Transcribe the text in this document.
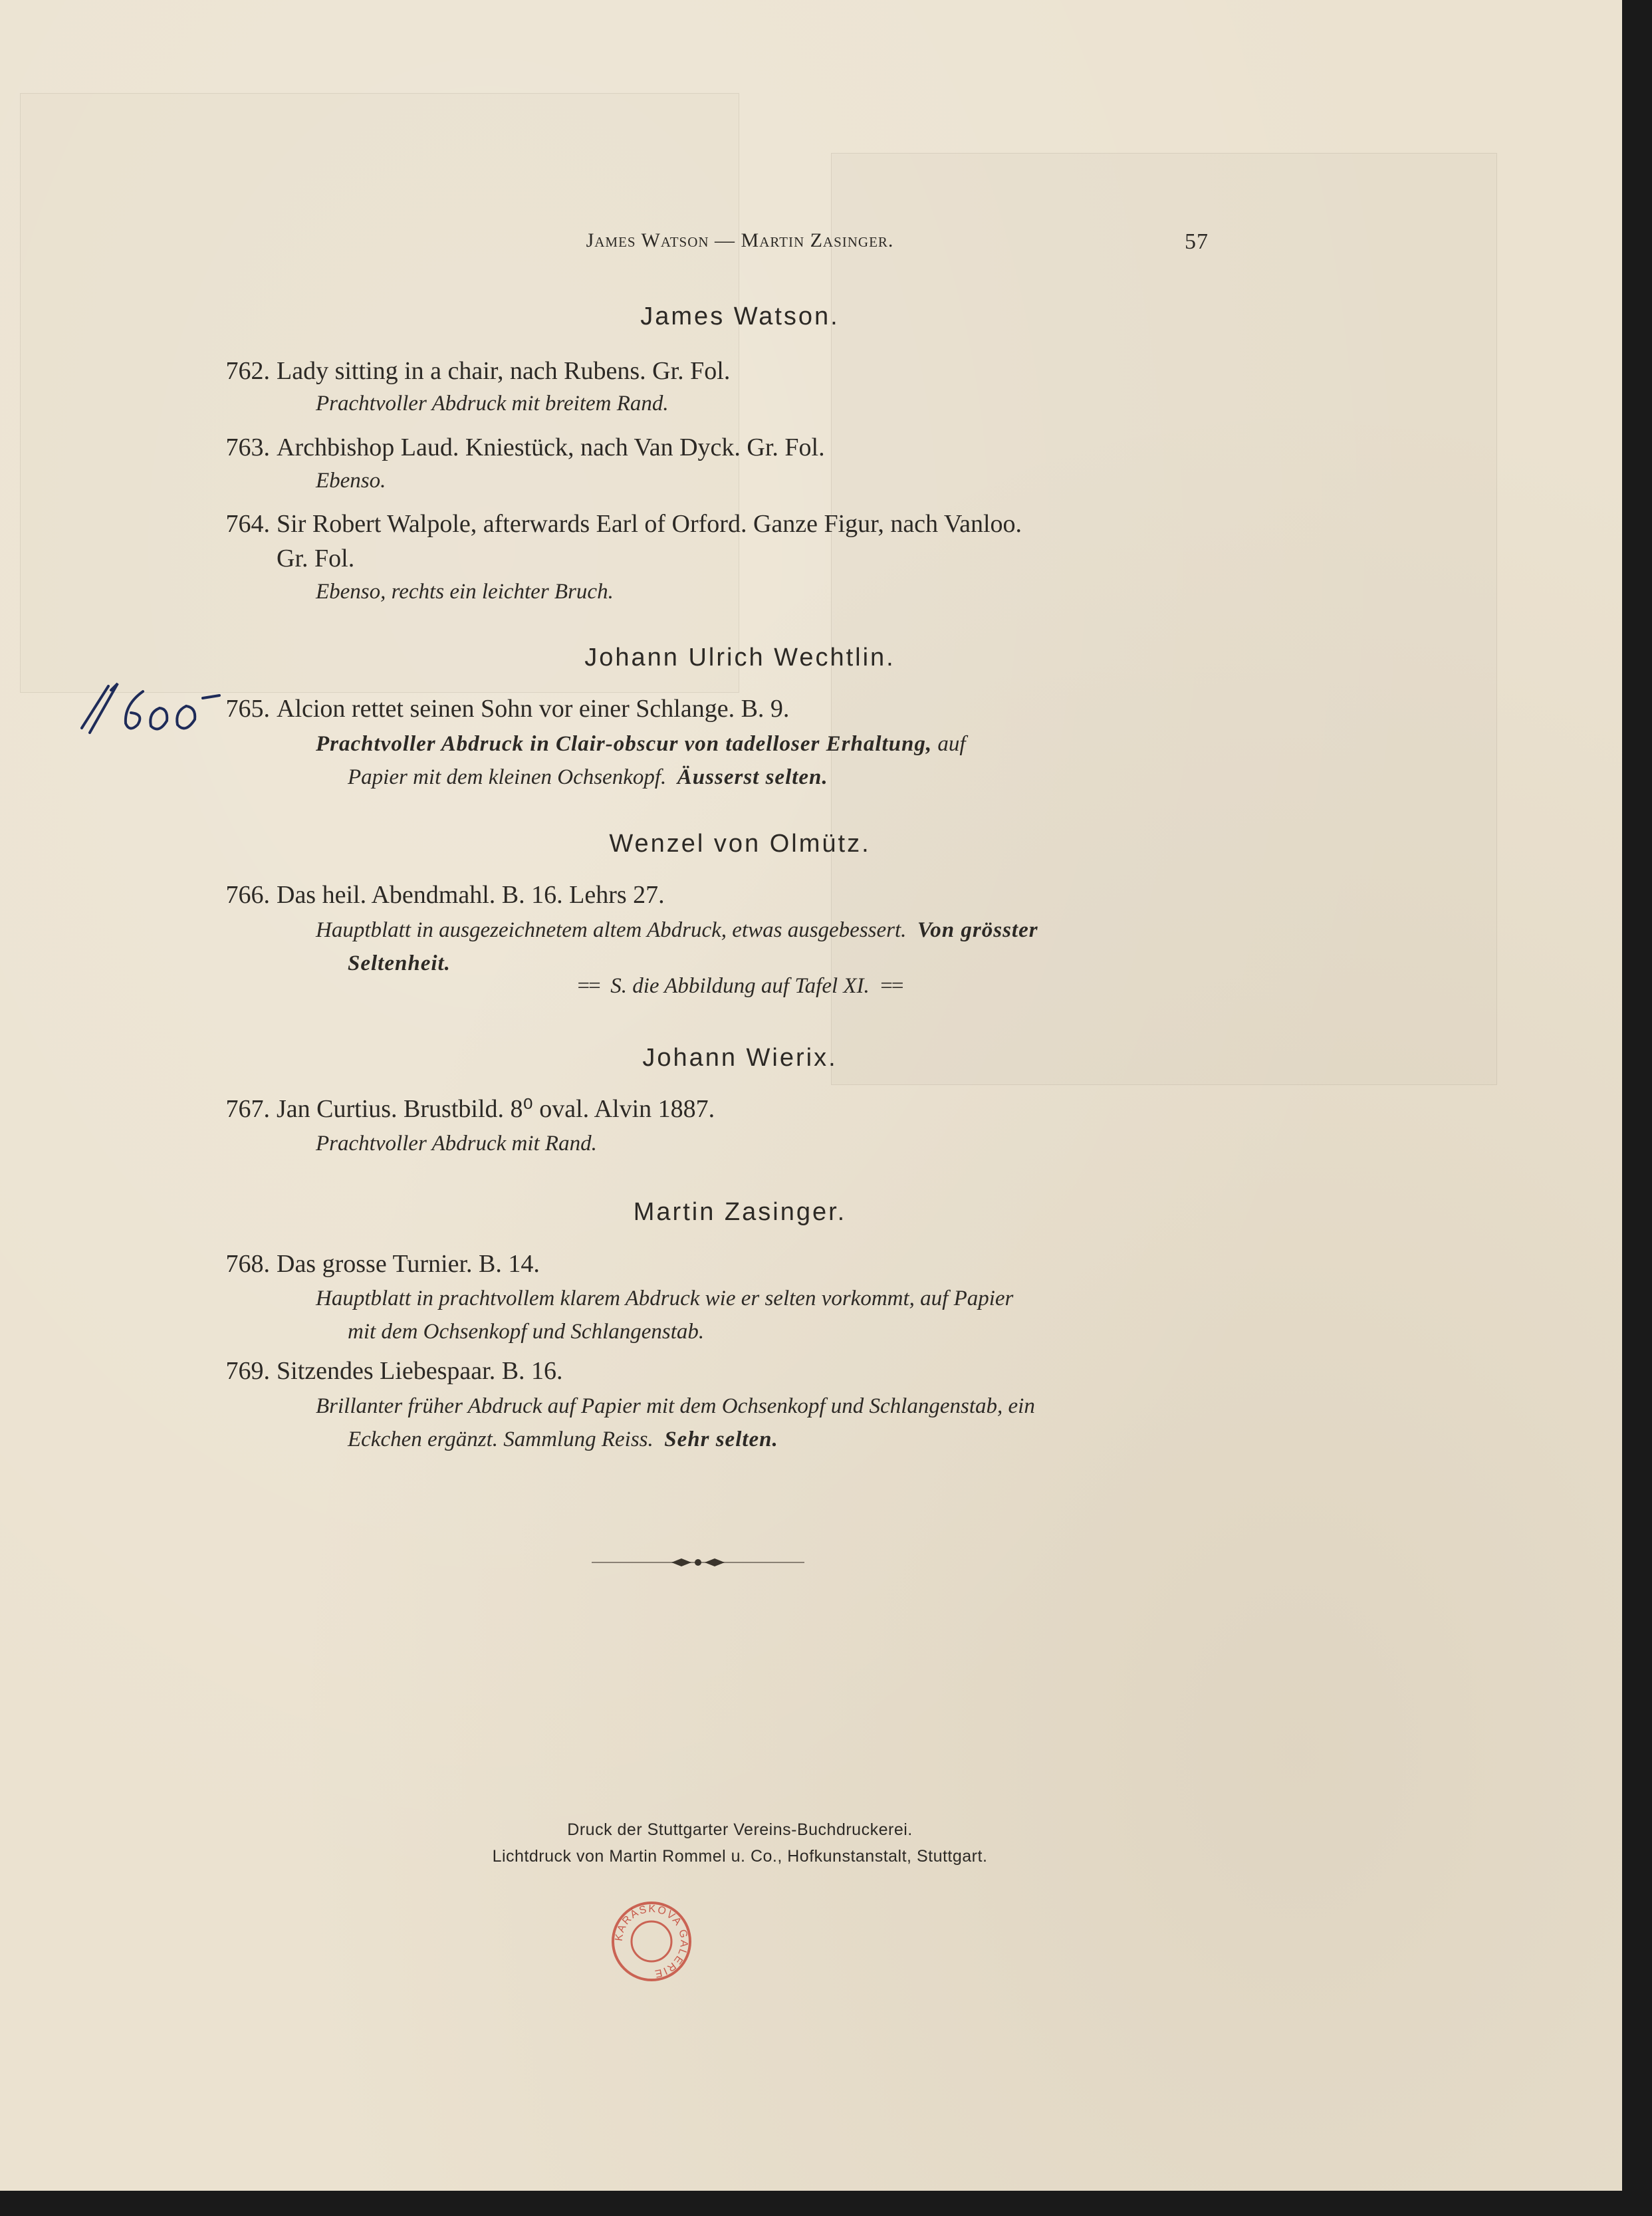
James Watson — Martin Zasinger.	57
James Watson.
762. Lady sitting in a chair, nach Rubens. Gr. Fol.
Prachtvoller Abdruck mit breitem Rand.
763. Archbishop Laud. Kniestück, nach Van Dyck. Gr. Fol.
Ebenso.
764. Sir Robert Walpole, afterwards Earl of Orford. Ganze Figur, nach Vanloo.
Gr. Fol.
Ebenso, rechts ein leichter Bruch.
Johann Ulrich Wechtlin.
765. Alcion rettet seinen Sohn vor einer Schlange. B. 9.
Prachtvoller Abdruck in Clair-obscur von tadelloser Erhaltung, auf
Papier mit dem kleinen Ochsenkopf. Äusserst selten.
Wenzel von Olmütz.
766. Das heil. Abendmahl. B. 16. Lehrs 27.
Hauptblatt in ausgezeichnetem altem Abdruck, etwas ausgebessert. Von grösster
Seltenheit.
== S. die Abbildung auf Tafel XI. ==
Johann Wierix.
767. Jan Curtius. Brustbild. 8⁰ oval. Alvin 1887.
Prachtvoller Abdruck mit Rand.
Martin Zasinger.
768. Das grosse Turnier. B. 14.
Hauptblatt in prachtvollem klarem Abdruck wie er selten vorkommt, auf Papier
mit dem Ochsenkopf und Schlangenstab.
769. Sitzendes Liebespaar. B. 16.
Brillanter früher Abdruck auf Papier mit dem Ochsenkopf und Schlangenstab, ein
Eckchen ergänzt. Sammlung Reiss. Sehr selten.
Druck der Stuttgarter Vereins-Buchdruckerei.
Lichtdruck von Martin Rommel u. Co., Hofkunstanstalt, Stuttgart.
KARÁSKOVA GALERIE
